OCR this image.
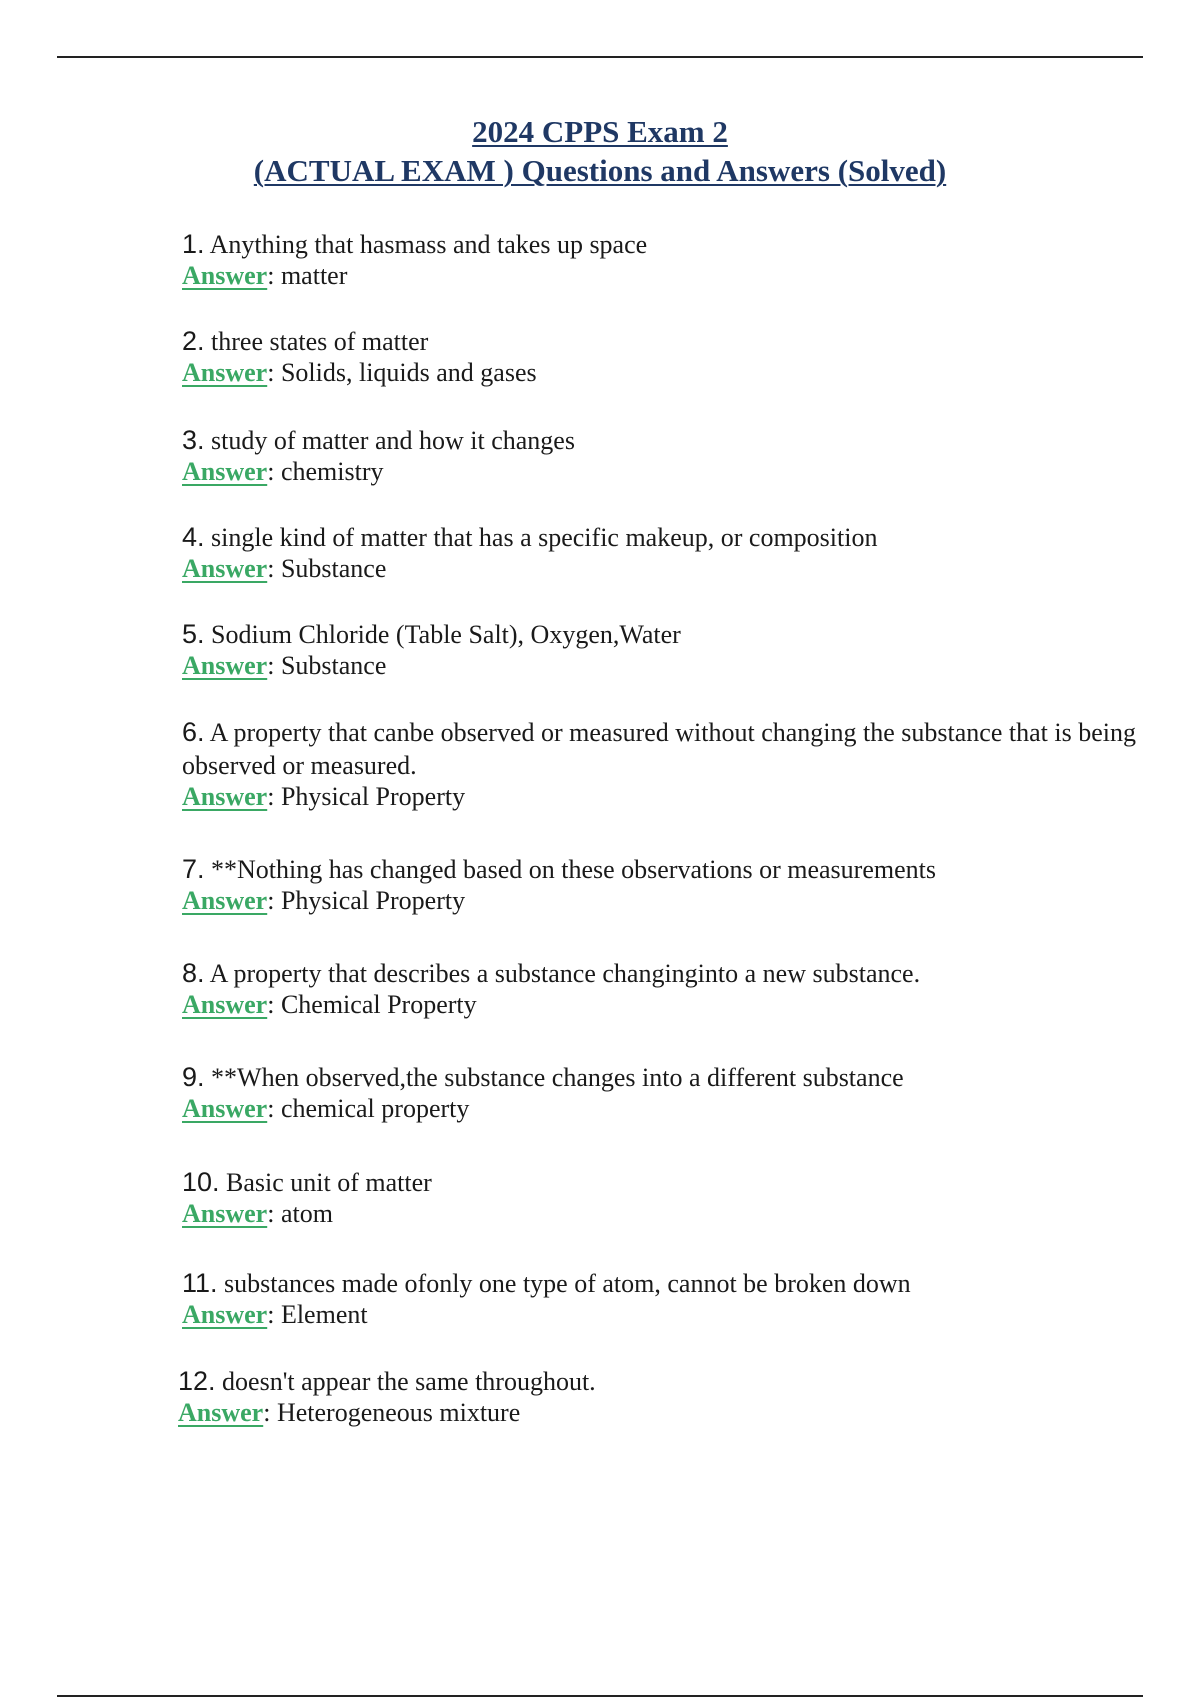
2024 CPPS Exam 2
(ACTUAL EXAM ) Questions and Answers (Solved)
1. Anything that hasmass and takes up space
Answer: matter
2. three states of matter
Answer: Solids, liquids and gases
3. study of matter and how it changes
Answer: chemistry
4. single kind of matter that has a specific makeup, or composition
Answer: Substance
5. Sodium Chloride (Table Salt), Oxygen,Water
Answer: Substance
6. A property that canbe observed or measured without changing the substance that is being observed or measured.
Answer: Physical Property
7. **Nothing has changed based on these observations or measurements
Answer: Physical Property
8. A property that describes a substance changinginto a new substance.
Answer: Chemical Property
9. **When observed,the substance changes into a different substance
Answer: chemical property
10. Basic unit of matter
Answer: atom
11. substances made ofonly one type of atom, cannot be broken down
Answer: Element
12. doesn't appear the same throughout.
Answer: Heterogeneous mixture
